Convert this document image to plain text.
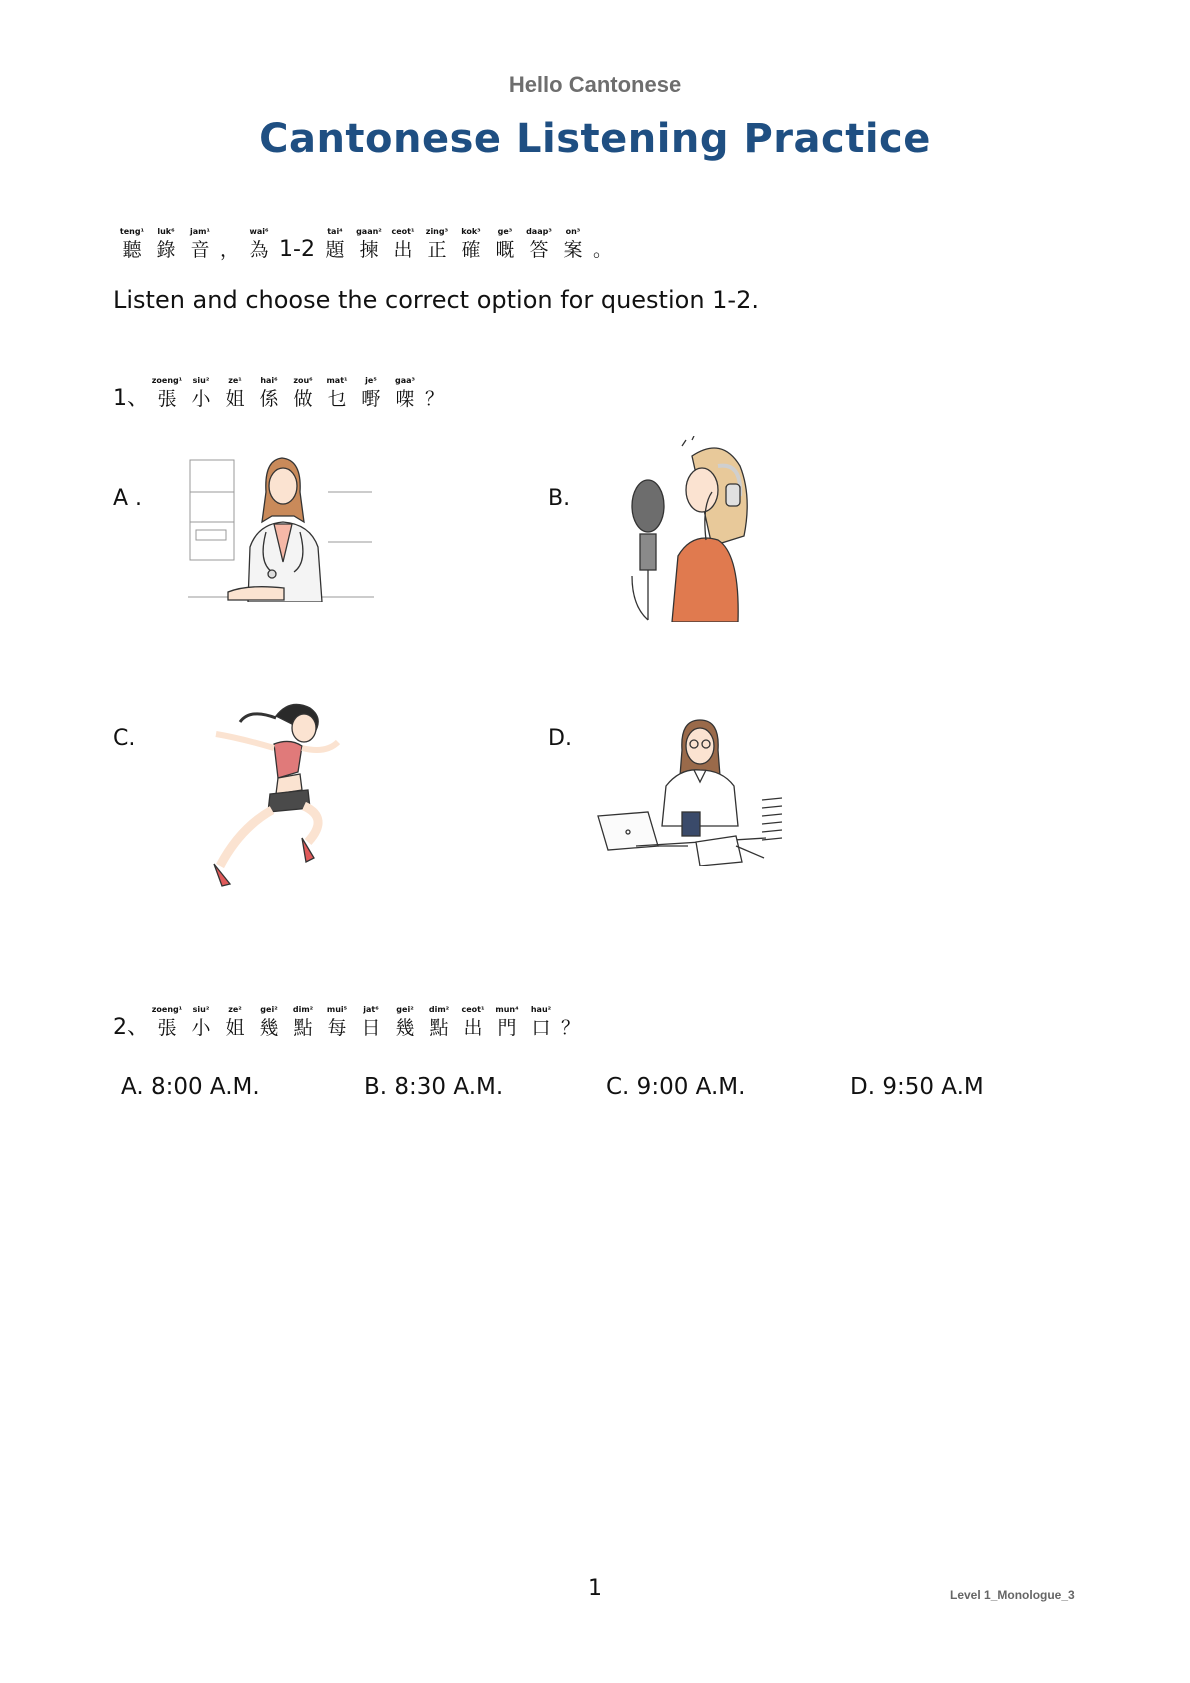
Hello Cantonese
Cantonese Listening Practice
teng¹
聽
luk⁶
錄
jam¹
音 ，
wai⁶
為 1-2
tai⁴
題
gaan²
揀
ceot¹
出
zing³
正
kok³
確
ge³
嘅
daap³
答
on³
案 。
Listen and choose the correct option for question 1-2.
1、
zoeng¹
張
siu²
小
ze¹
姐
hai⁶
係
zou⁶
做
mat¹
乜
je⁵
嘢
gaa³
㗎 ？
A .	B.
C.	D.
2、
zoeng¹
張
siu²
小
ze²
姐
gei²
幾
dim²
點
mui⁵
每
jat⁶
日
gei²
幾
dim²
點
ceot¹
出
mun⁴
門
hau²
口 ？
A. 8:00 A.M.	B. 8:30 A.M.	C. 9:00 A.M.	D. 9:50 A.M
1	Level 1_Monologue_3
